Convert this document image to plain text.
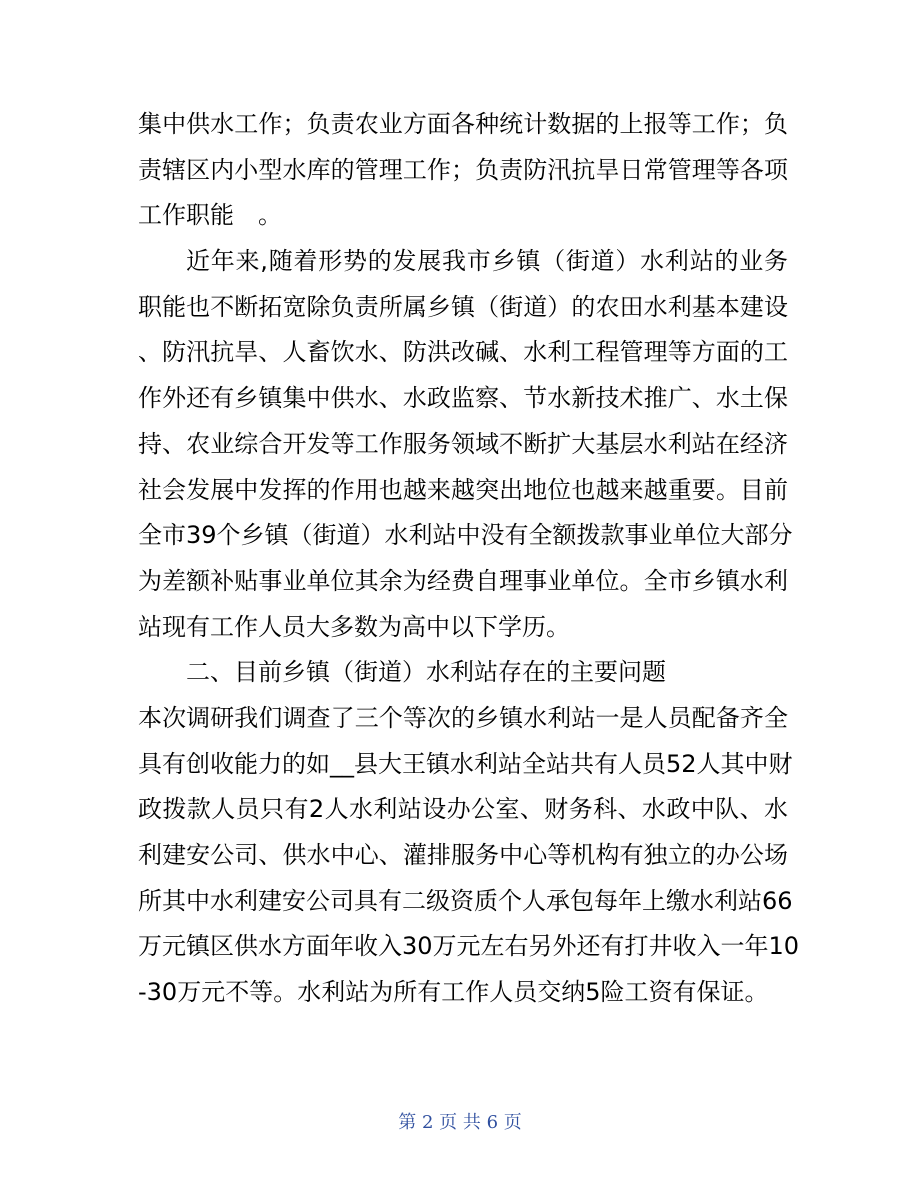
集中供水工作；负责农业方面各种统计数据的上报等工作；负
责辖区内小型水库的管理工作；负责防汛抗旱日常管理等各项
工作职能　。
近年来,随着形势的发展我市乡镇（街道）水利站的业务
职能也不断拓宽除负责所属乡镇（街道）的农田水利基本建设
、防汛抗旱、人畜饮水、防洪改碱、水利工程管理等方面的工
作外还有乡镇集中供水、水政监察、节水新技术推广、水土保
持、农业综合开发等工作服务领域不断扩大基层水利站在经济
社会发展中发挥的作用也越来越突出地位也越来越重要。目前
全市39个乡镇（街道）水利站中没有全额拨款事业单位大部分
为差额补贴事业单位其余为经费自理事业单位。全市乡镇水利
站现有工作人员大多数为高中以下学历。
二、目前乡镇（街道）水利站存在的主要问题
本次调研我们调查了三个等次的乡镇水利站一是人员配备齐全
具有创收能力的如__县大王镇水利站全站共有人员52人其中财
政拨款人员只有2人水利站设办公室、财务科、水政中队、水
利建安公司、供水中心、灌排服务中心等机构有独立的办公场
所其中水利建安公司具有二级资质个人承包每年上缴水利站66
万元镇区供水方面年收入30万元左右另外还有打井收入一年10
-30万元不等。水利站为所有工作人员交纳5险工资有保证。
第 2 页 共 6 页
